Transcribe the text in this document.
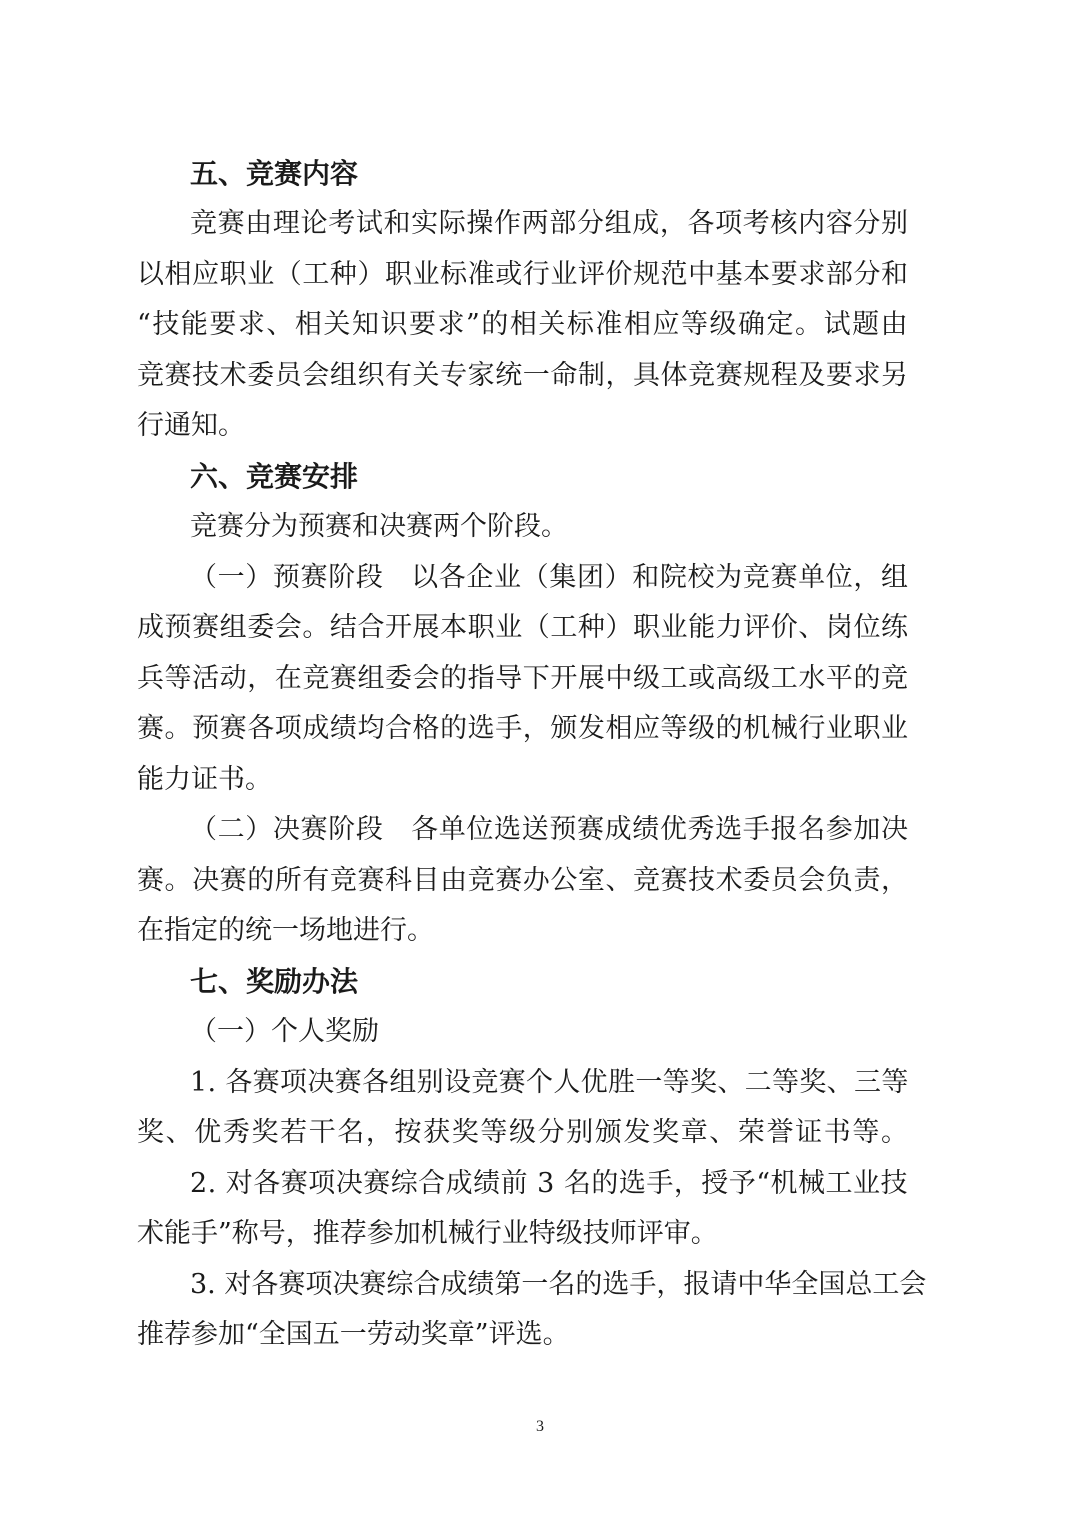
五、竞赛内容
竞赛由理论考试和实际操作两部分组成，各项考核内容分别
以相应职业（工种）职业标准或行业评价规范中基本要求部分和
“技能要求、相关知识要求”的相关标准相应等级确定。试题由
竞赛技术委员会组织有关专家统一命制，具体竞赛规程及要求另
行通知。
六、竞赛安排
竞赛分为预赛和决赛两个阶段。
（一）预赛阶段　以各企业（集团）和院校为竞赛单位，组
成预赛组委会。结合开展本职业（工种）职业能力评价、岗位练
兵等活动，在竞赛组委会的指导下开展中级工或高级工水平的竞
赛。预赛各项成绩均合格的选手，颁发相应等级的机械行业职业
能力证书。
（二）决赛阶段　各单位选送预赛成绩优秀选手报名参加决
赛。决赛的所有竞赛科目由竞赛办公室、竞赛技术委员会负责，
在指定的统一场地进行。
七、奖励办法
（一）个人奖励
1. 各赛项决赛各组别设竞赛个人优胜一等奖、二等奖、三等
奖、优秀奖若干名，按获奖等级分别颁发奖章、荣誉证书等。
2. 对各赛项决赛综合成绩前 3 名的选手，授予“机械工业技
术能手”称号，推荐参加机械行业特级技师评审。
3. 对各赛项决赛综合成绩第一名的选手，报请中华全国总工会
推荐参加“全国五一劳动奖章”评选。
3
